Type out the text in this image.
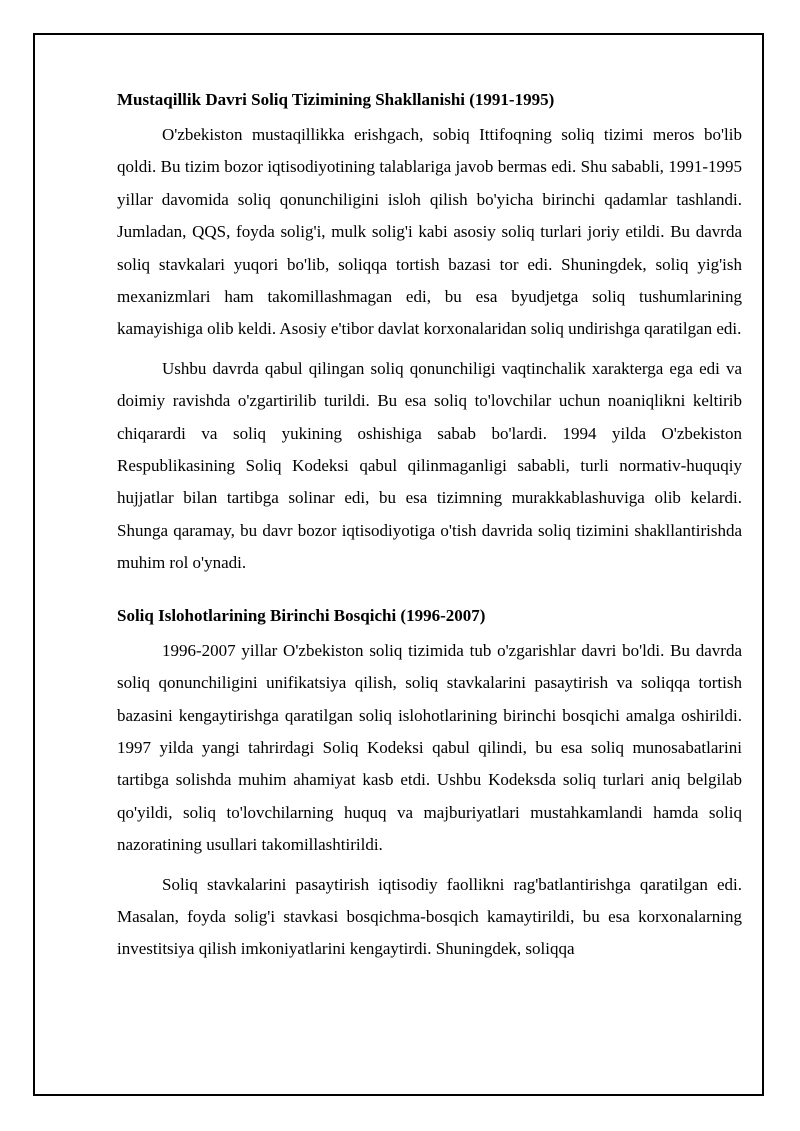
Mustaqillik Davri Soliq Tizimining Shakllanishi (1991-1995)

O'zbekiston mustaqillikka erishgach, sobiq Ittifoqning soliq tizimi meros bo'lib qoldi. Bu tizim bozor iqtisodiyotining talablariga javob bermas edi. Shu sababli, 1991-1995 yillar davomida soliq qonunchiligini isloh qilish bo'yicha birinchi qadamlar tashlandi. Jumladan, QQS, foyda solig'i, mulk solig'i kabi asosiy soliq turlari joriy etildi. Bu davrda soliq stavkalari yuqori bo'lib, soliqqa tortish bazasi tor edi. Shuningdek, soliq yig'ish mexanizmlari ham takomillashmagan edi, bu esa byudjetga soliq tushumlarining kamayishiga olib keldi. Asosiy e'tibor davlat korxonalaridan soliq undirishga qaratilgan edi.

Ushbu davrda qabul qilingan soliq qonunchiligi vaqtinchalik xarakterga ega edi va doimiy ravishda o'zgartirilib turildi. Bu esa soliq to'lovchilar uchun noaniqlikni keltirib chiqarardi va soliq yukining oshishiga sabab bo'lardi. 1994 yilda O'zbekiston Respublikasining Soliq Kodeksi qabul qilinmaganligi sababli, turli normativ-huquqiy hujjatlar bilan tartibga solinar edi, bu esa tizimning murakkablashuviga olib kelardi. Shunga qaramay, bu davr bozor iqtisodiyotiga o'tish davrida soliq tizimini shakllantirishda muhim rol o'ynadi.

Soliq Islohotlarining Birinchi Bosqichi (1996-2007)

1996-2007 yillar O'zbekiston soliq tizimida tub o'zgarishlar davri bo'ldi. Bu davrda soliq qonunchiligini unifikatsiya qilish, soliq stavkalarini pasaytirish va soliqqa tortish bazasini kengaytirishga qaratilgan soliq islohotlarining birinchi bosqichi amalga oshirildi. 1997 yilda yangi tahrirdagi Soliq Kodeksi qabul qilindi, bu esa soliq munosabatlarini tartibga solishda muhim ahamiyat kasb etdi. Ushbu Kodeksda soliq turlari aniq belgilab qo'yildi, soliq to'lovchilarning huquq va majburiyatlari mustahkamlandi hamda soliq nazoratining usullari takomillashtirildi.

Soliq stavkalarini pasaytirish iqtisodiy faollikni rag'batlantirishga qaratilgan edi. Masalan, foyda solig'i stavkasi bosqichma-bosqich kamaytirildi, bu esa korxonalarning investitsiya qilish imkoniyatlarini kengaytirdi. Shuningdek, soliqqa
